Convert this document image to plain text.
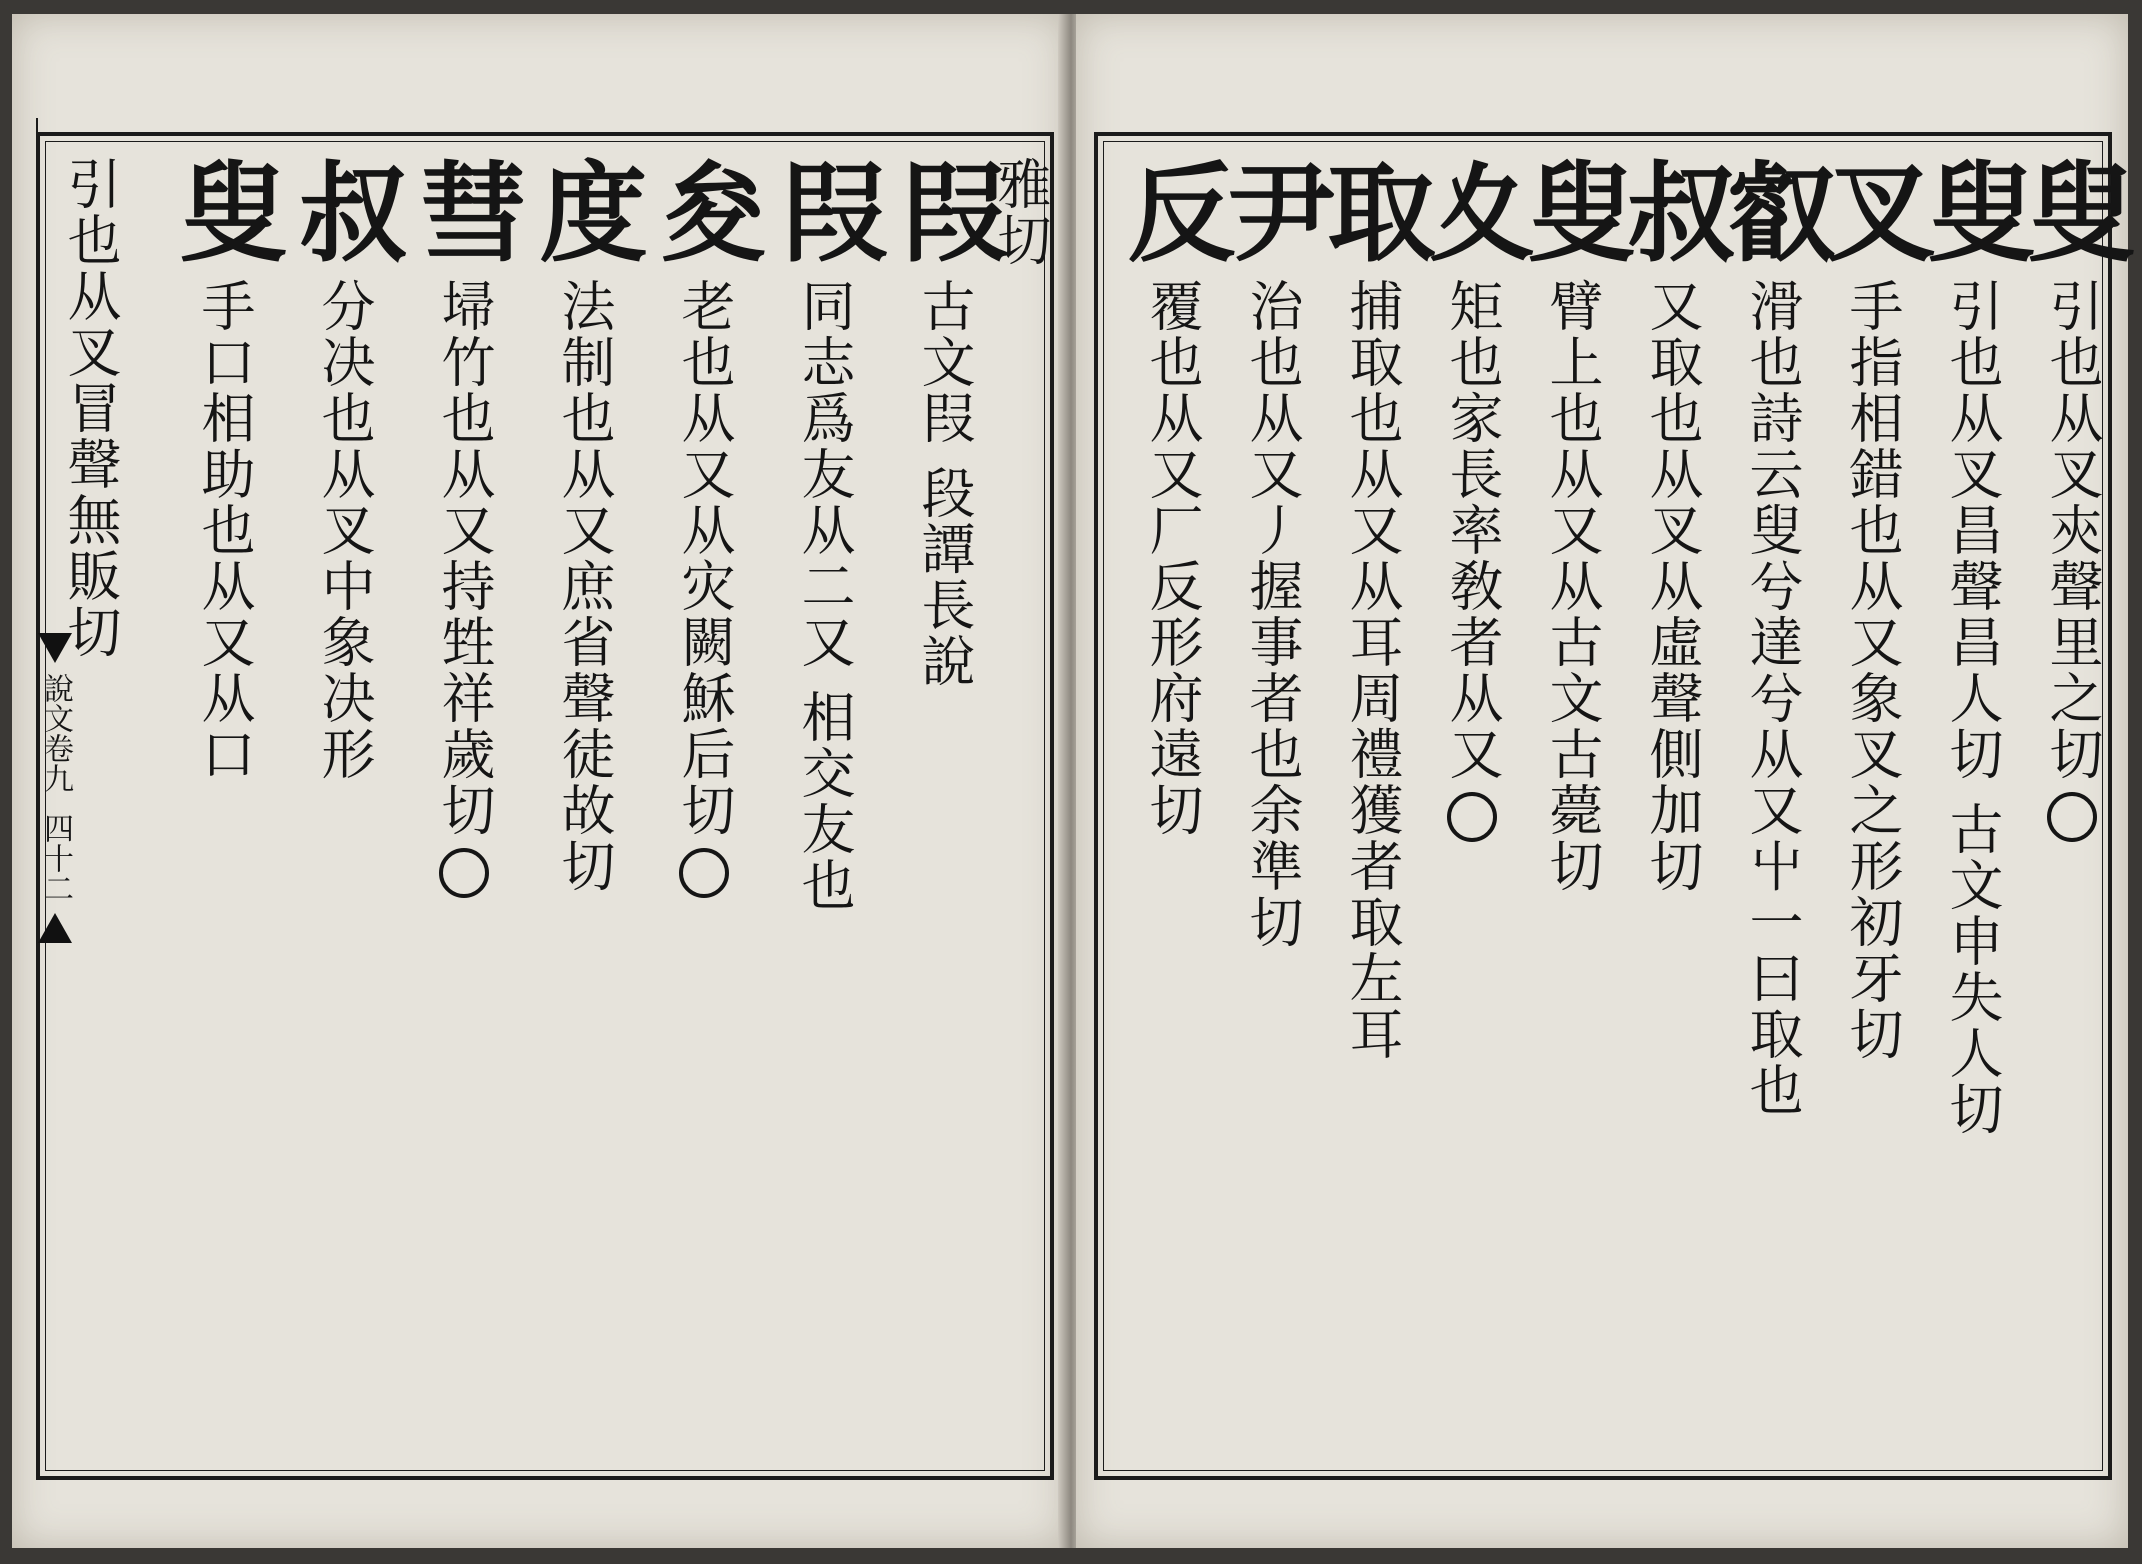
引也从叉冒聲無販切 叟
手口相助也从又从口
叔
分决也从叉中象决形
彗
埽竹也从又持甡祥歲切
度
法制也从又庶省聲徒故切
夋
老也从又从灾闕穌后切
叚
同志爲友从二又 相交友也
叚
古文叚 段譚長說
雅切 反
覆也从又厂反形府遠切
尹
治也从又丿握事者也余準切
取
捕取也从又从耳周禮獲者取左耳
夊
矩也家長率敎者从又
叟
臂上也从又从古文古薨切
叔
又取也从叉从虛聲側加切
叡
滑也詩云叟兮達兮从又屮一曰取也
叉
手指相錯也从又象叉之形初牙切
叟
引也从叉昌聲昌人切 古文申失人切
叟
引也从叉㚒聲里之切
說文卷九
四十二
